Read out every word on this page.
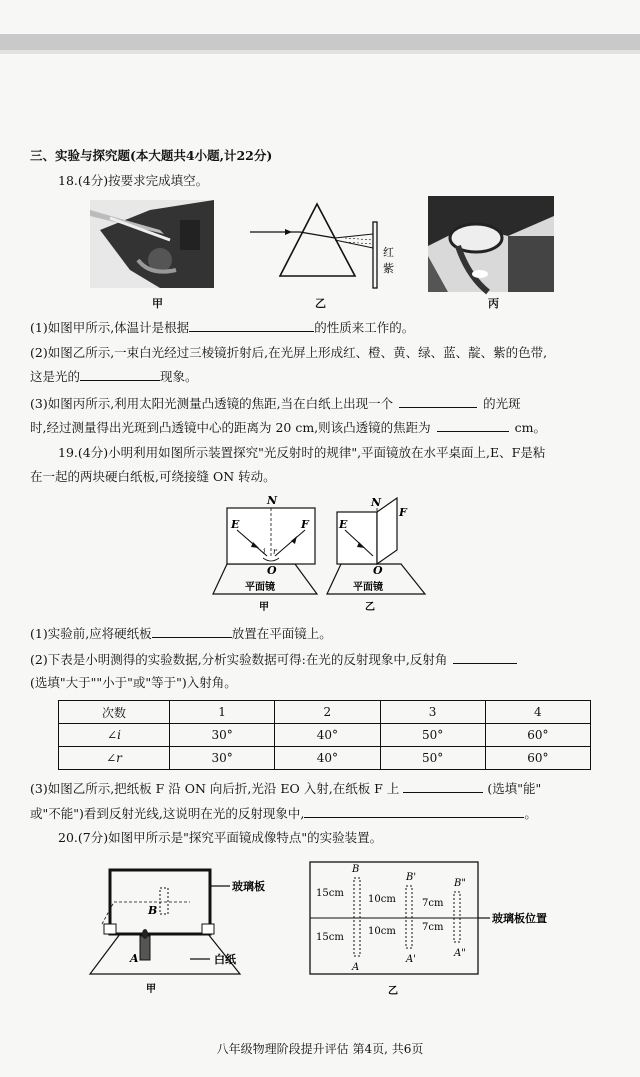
三、实验与探究题(本大题共4小题,计22分)
18.(4分)按要求完成填空。
甲
红
紫
乙	丙
(1)如图甲所示,体温计是根据	的性质来工作的。
(2)如图乙所示,一束白光经过三棱镜折射后,在光屏上形成红、橙、黄、绿、蓝、靛、紫的色带,
这是光的	现象。
(3)如图丙所示,利用太阳光测量凸透镜的焦距,当在白纸上出现一个	的光斑
时,经过测量得出光斑到凸透镜中心的距离为 20 cm,则该凸透镜的焦距为	cm。
19.(4分)小明利用如图所示装置探究"光反射时的规律",平面镜放在水平桌面上,E、F是粘
在一起的两块硬白纸板,可绕接缝 ON 转动。
N
E	F
i r
O
平面镜
甲
N
E
F
O
平面镜
乙
(1)实验前,应将硬纸板	放置在平面镜上。
(2)下表是小明测得的实验数据,分析实验数据可得:在光的反射现象中,反射角
(选填"大于""小于"或"等于")入射角。
次数	1	2	3	4
∠i	30°	40°	50°	60°
∠r	30°	40°	50°	60°
(3)如图乙所示,把纸板 F 沿 ON 向后折,光沿 EO 入射,在纸板 F 上	(选填"能"
或"不能")看到反射光线,这说明在光的反射现象中,	。
20.(7分)如图甲所示是"探究平面镜成像特点"的实验装置。
B
A
玻璃板
白纸
甲
玻璃板位置
B
A
15cm
15cm
B'
A'
10cm
10cm
B"
A"
7cm
7cm
乙
八年级物理阶段提升评估 第4页, 共6页
